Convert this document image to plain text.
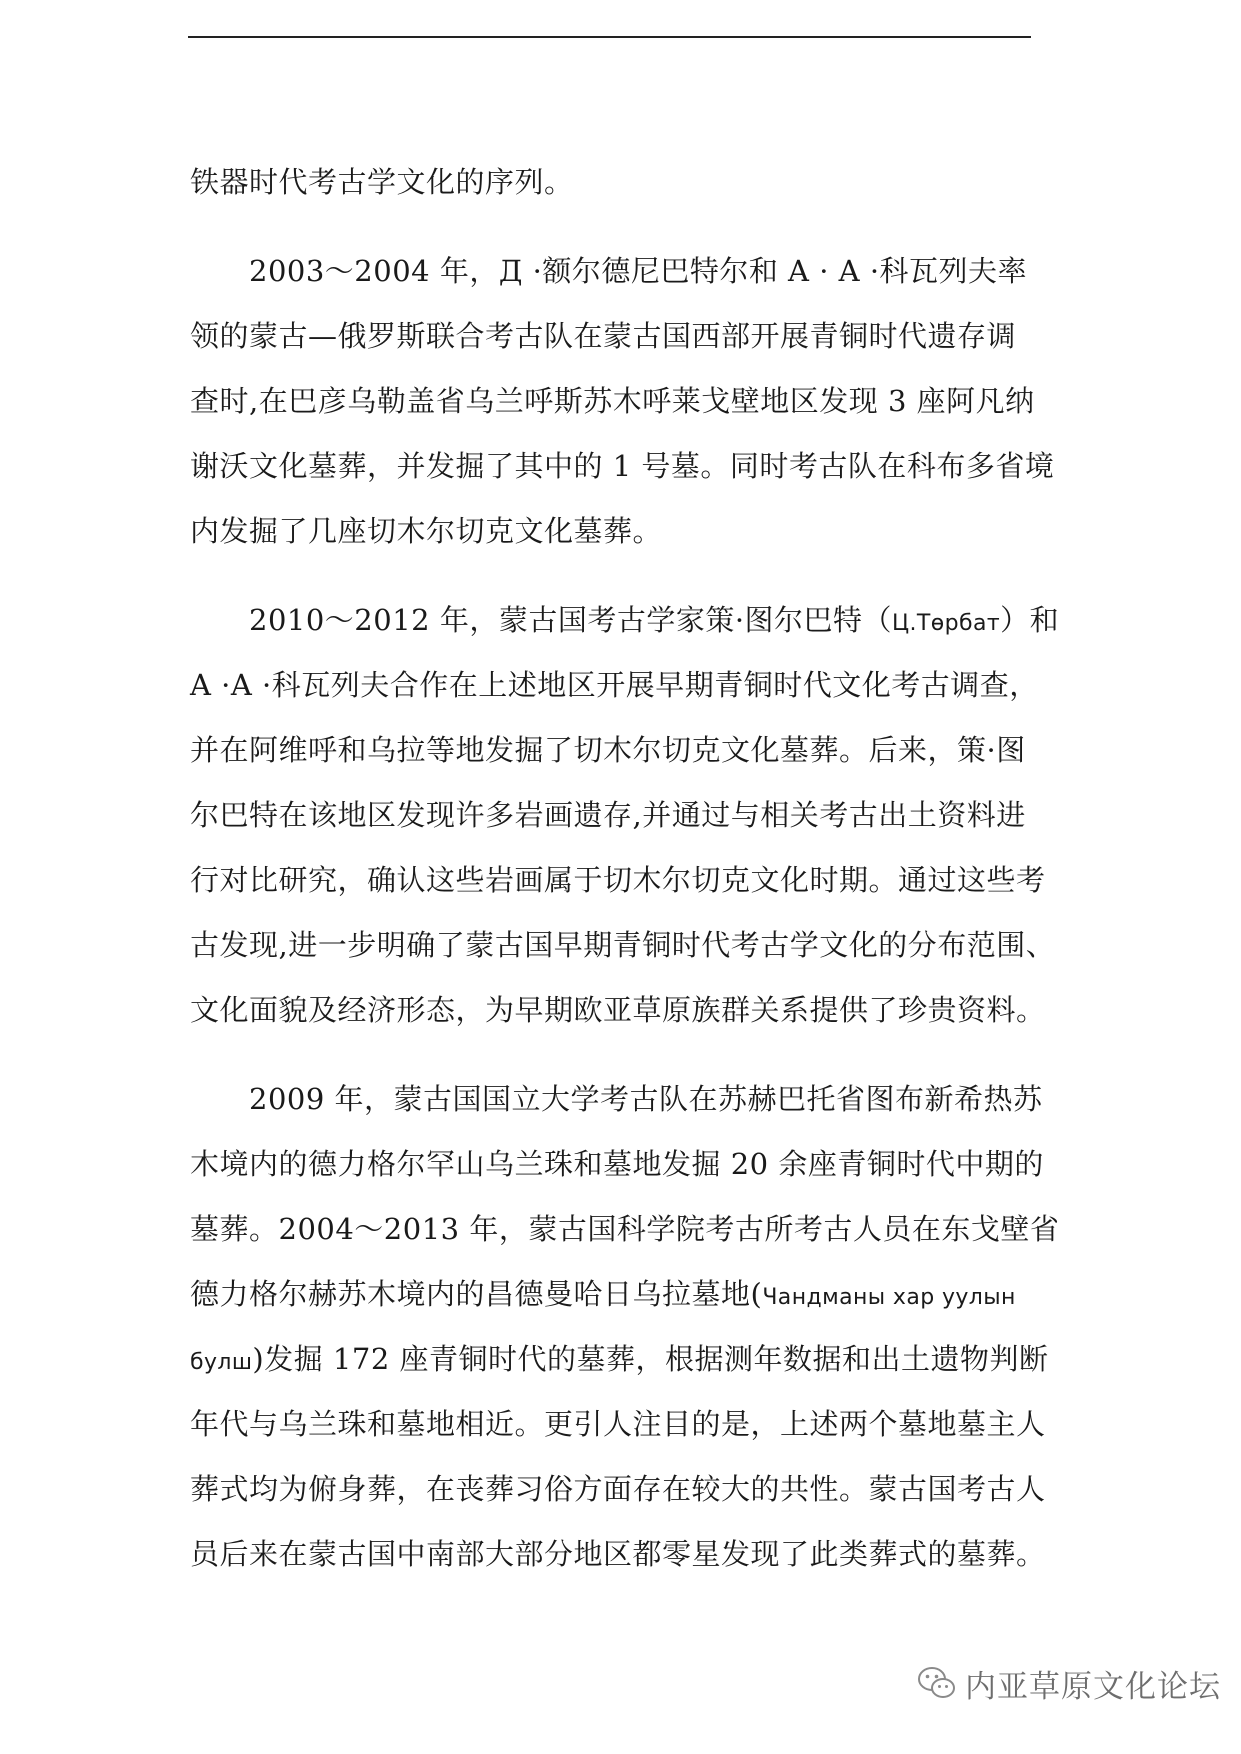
铁器时代考古学文化的序列。
　　2003～2004 年，Д ·额尔德尼巴特尔和 A · A ·科瓦列夫率
领的蒙古—俄罗斯联合考古队在蒙古国西部开展青铜时代遗存调
查时,在巴彦乌勒盖省乌兰呼斯苏木呼莱戈壁地区发现 3 座阿凡纳
谢沃文化墓葬，并发掘了其中的 1 号墓。同时考古队在科布多省境
内发掘了几座切木尔切克文化墓葬。
　　2010～2012 年，蒙古国考古学家策·图尔巴特（Ц.Төрбат）和
A ·A ·科瓦列夫合作在上述地区开展早期青铜时代文化考古调查，
并在阿维呼和乌拉等地发掘了切木尔切克文化墓葬。后来，策·图
尔巴特在该地区发现许多岩画遗存,并通过与相关考古出土资料进
行对比研究，确认这些岩画属于切木尔切克文化时期。通过这些考
古发现,进一步明确了蒙古国早期青铜时代考古学文化的分布范围、
文化面貌及经济形态，为早期欧亚草原族群关系提供了珍贵资料。
　　2009 年，蒙古国国立大学考古队在苏赫巴托省图布新希热苏
木境内的德力格尔罕山乌兰珠和墓地发掘 20 余座青铜时代中期的
墓葬。2004～2013 年，蒙古国科学院考古所考古人员在东戈壁省
德力格尔赫苏木境内的昌德曼哈日乌拉墓地(Чандманы хар уулын
булш)发掘 172 座青铜时代的墓葬，根据测年数据和出土遗物判断
年代与乌兰珠和墓地相近。更引人注目的是，上述两个墓地墓主人
葬式均为俯身葬，在丧葬习俗方面存在较大的共性。蒙古国考古人
员后来在蒙古国中南部大部分地区都零星发现了此类葬式的墓葬。
内亚草原文化论坛
